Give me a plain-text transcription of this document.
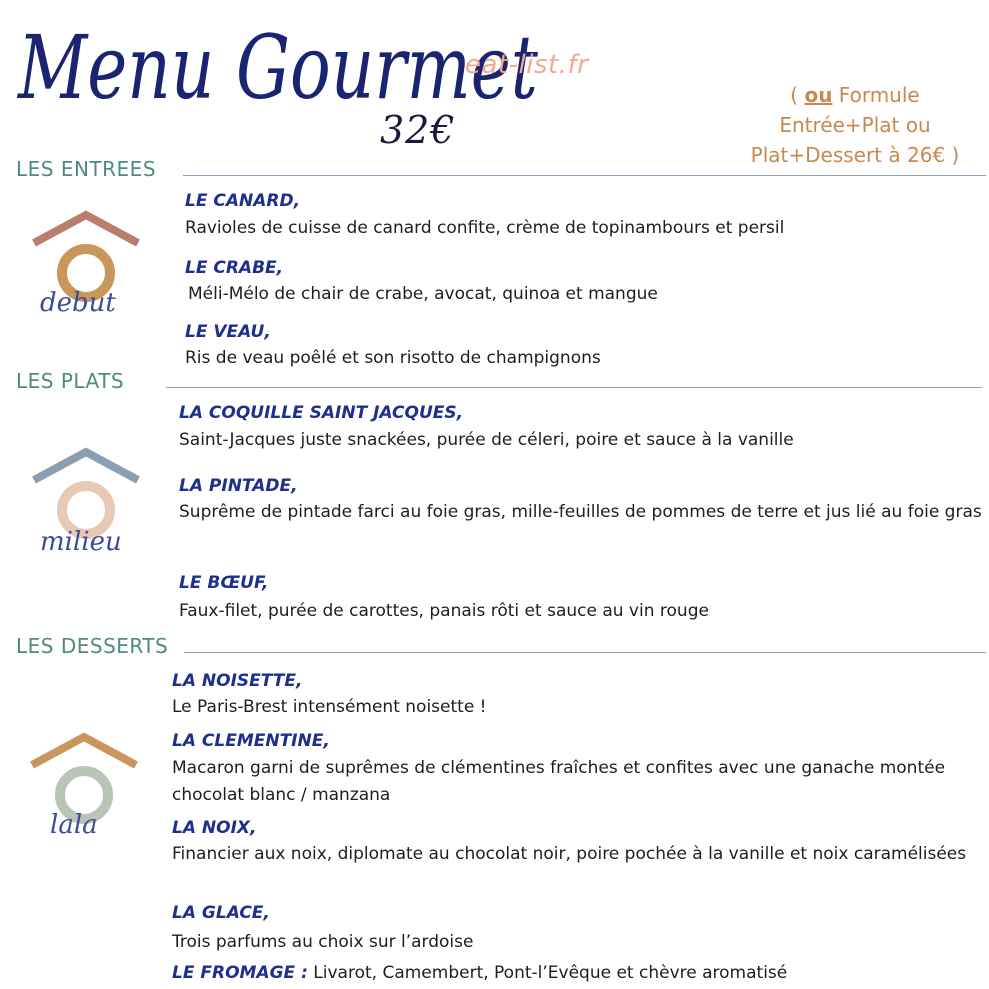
Menu Gourmet
eat-list.fr
32€
( ou Formule
Entrée+Plat ou
Plat+Dessert à 26€ )
LES ENTREES
debut
LE CANARD,
Ravioles de cuisse de canard confite, crème de topinambours et persil
LE CRABE,
Méli-Mélo de chair de crabe, avocat, quinoa et mangue
LE VEAU,
Ris de veau poêlé et son risotto de champignons
LES PLATS
milieu
LA COQUILLE SAINT JACQUES,
Saint-Jacques juste snackées, purée de céleri, poire et sauce à la vanille
LA PINTADE,
Suprême de pintade farci au foie gras, mille-feuilles de pommes de terre et jus lié au foie gras
LE BŒUF,
Faux-filet, purée de carottes, panais rôti et sauce au vin rouge
LES DESSERTS
lala
LA NOISETTE,
Le Paris-Brest intensément noisette !
LA CLEMENTINE,
Macaron garni de suprêmes de clémentines fraîches et confites avec une ganache montée chocolat blanc / manzana
LA NOIX,
Financier aux noix, diplomate au chocolat noir, poire pochée à la vanille et noix caramélisées
LA GLACE,
Trois parfums au choix sur l’ardoise
LE FROMAGE : Livarot, Camembert, Pont-l’Evêque et chèvre aromatisé
